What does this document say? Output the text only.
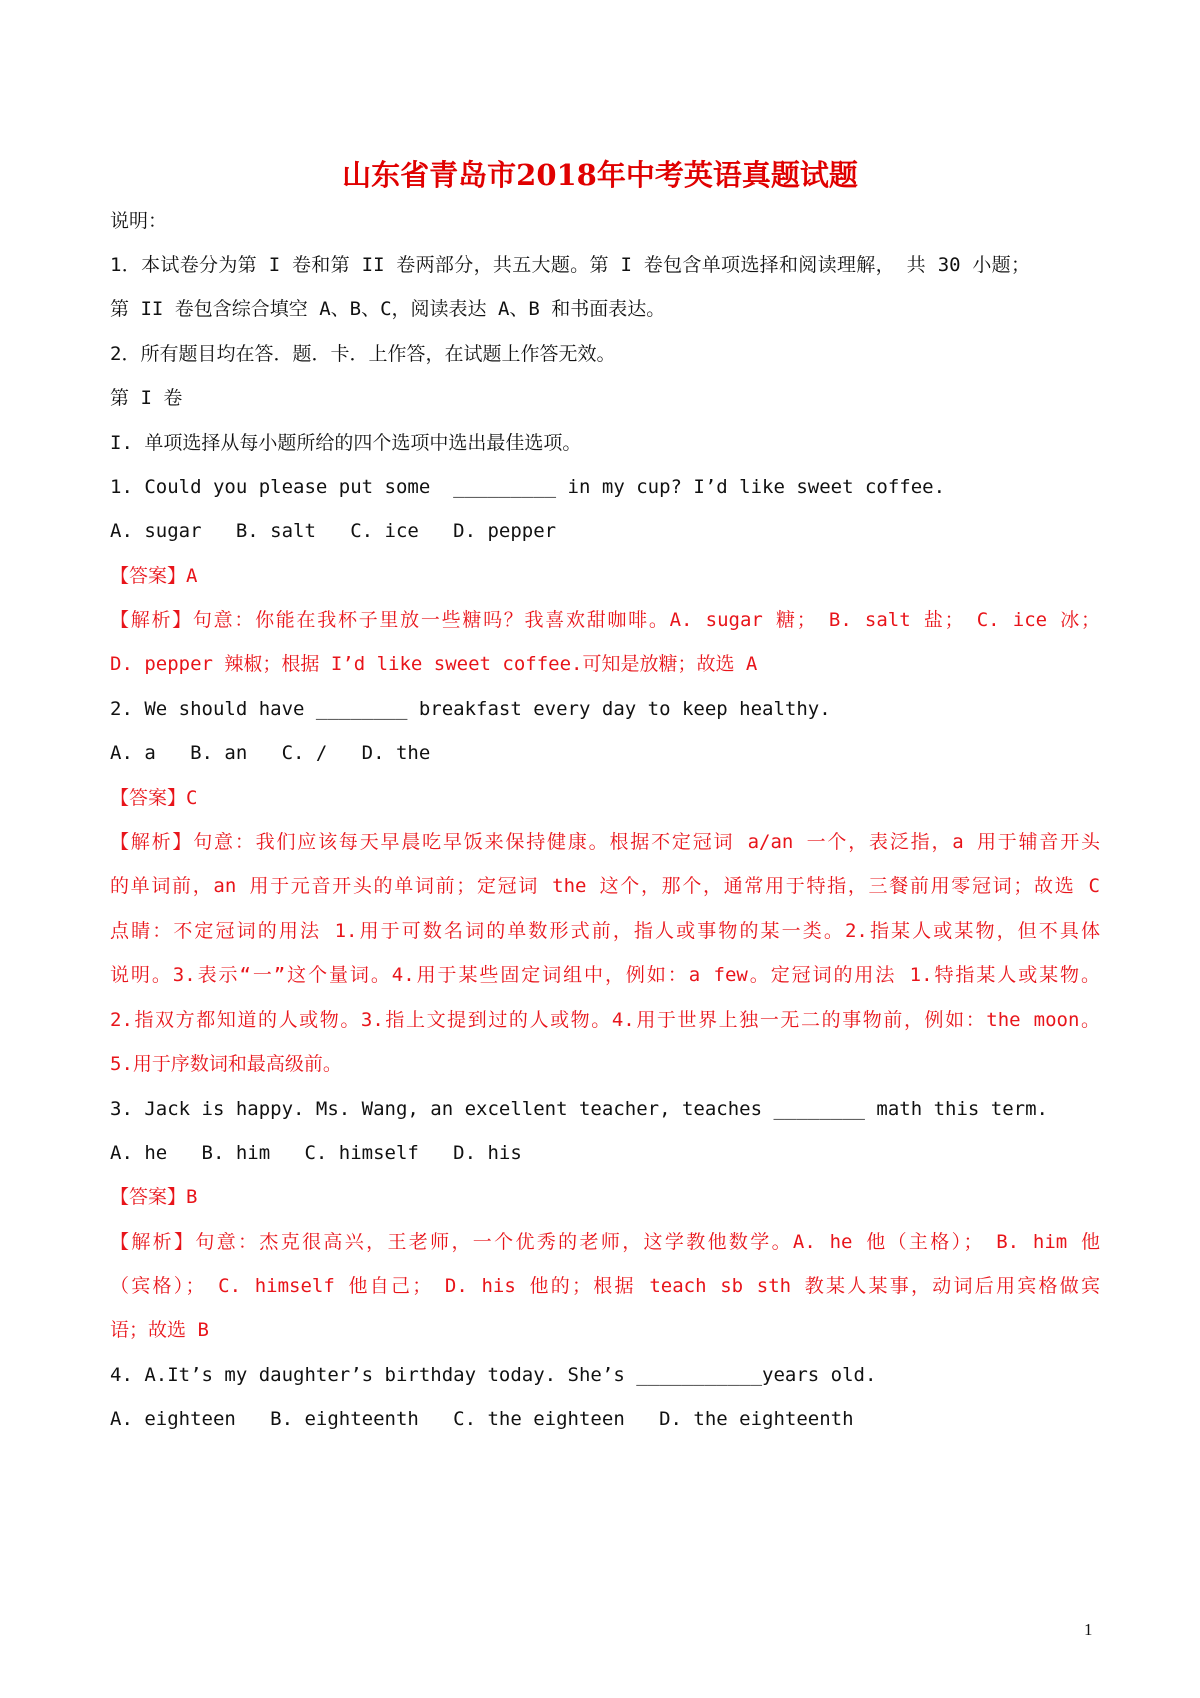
山东省青岛市2018年中考英语真题试题
说明：
1．本试卷分为第 I 卷和第 II 卷两部分，共五大题。第 I 卷包含单项选择和阅读理解， 共 30 小题；
第 II 卷包含综合填空 A、B、C，阅读表达 A、B 和书面表达。
2．所有题目均在答．题．卡．上作答，在试题上作答无效。
第 I 卷
I. 单项选择从每小题所给的四个选项中选出最佳选项。
1. Could you please put some  _________ in my cup? I’d like sweet coffee.
A. sugar   B. salt   C. ice   D. pepper
【答案】A
【解析】句意：你能在我杯子里放一些糖吗？我喜欢甜咖啡。A. sugar 糖； B. salt 盐； C. ice 冰；
D. pepper 辣椒；根据 I’d like sweet coffee.可知是放糖；故选 A
2. We should have ________ breakfast every day to keep healthy.
A. a   B. an   C. /   D. the
【答案】C
【解析】句意：我们应该每天早晨吃早饭来保持健康。根据不定冠词 a/an 一个，表泛指，a 用于辅音开头
的单词前，an 用于元音开头的单词前；定冠词 the 这个，那个，通常用于特指，三餐前用零冠词；故选 C
点睛：不定冠词的用法 1.用于可数名词的单数形式前，指人或事物的某一类。2.指某人或某物，但不具体
说明。3.表示“一”这个量词。4.用于某些固定词组中，例如：a few。定冠词的用法 1.特指某人或某物。
2.指双方都知道的人或物。3.指上文提到过的人或物。4.用于世界上独一无二的事物前，例如：the moon。
5.用于序数词和最高级前。
3. Jack is happy. Ms. Wang, an excellent teacher, teaches ________ math this term.
A. he   B. him   C. himself   D. his
【答案】B
【解析】句意：杰克很高兴，王老师，一个优秀的老师，这学教他数学。A. he 他（主格）； B. him 他
（宾格）； C. himself 他自己； D. his 他的；根据 teach sb sth 教某人某事，动词后用宾格做宾
语；故选 B
4. A.It’s my daughter’s birthday today. She’s ___________years old.
A. eighteen   B. eighteenth   C. the eighteen   D. the eighteenth
1
